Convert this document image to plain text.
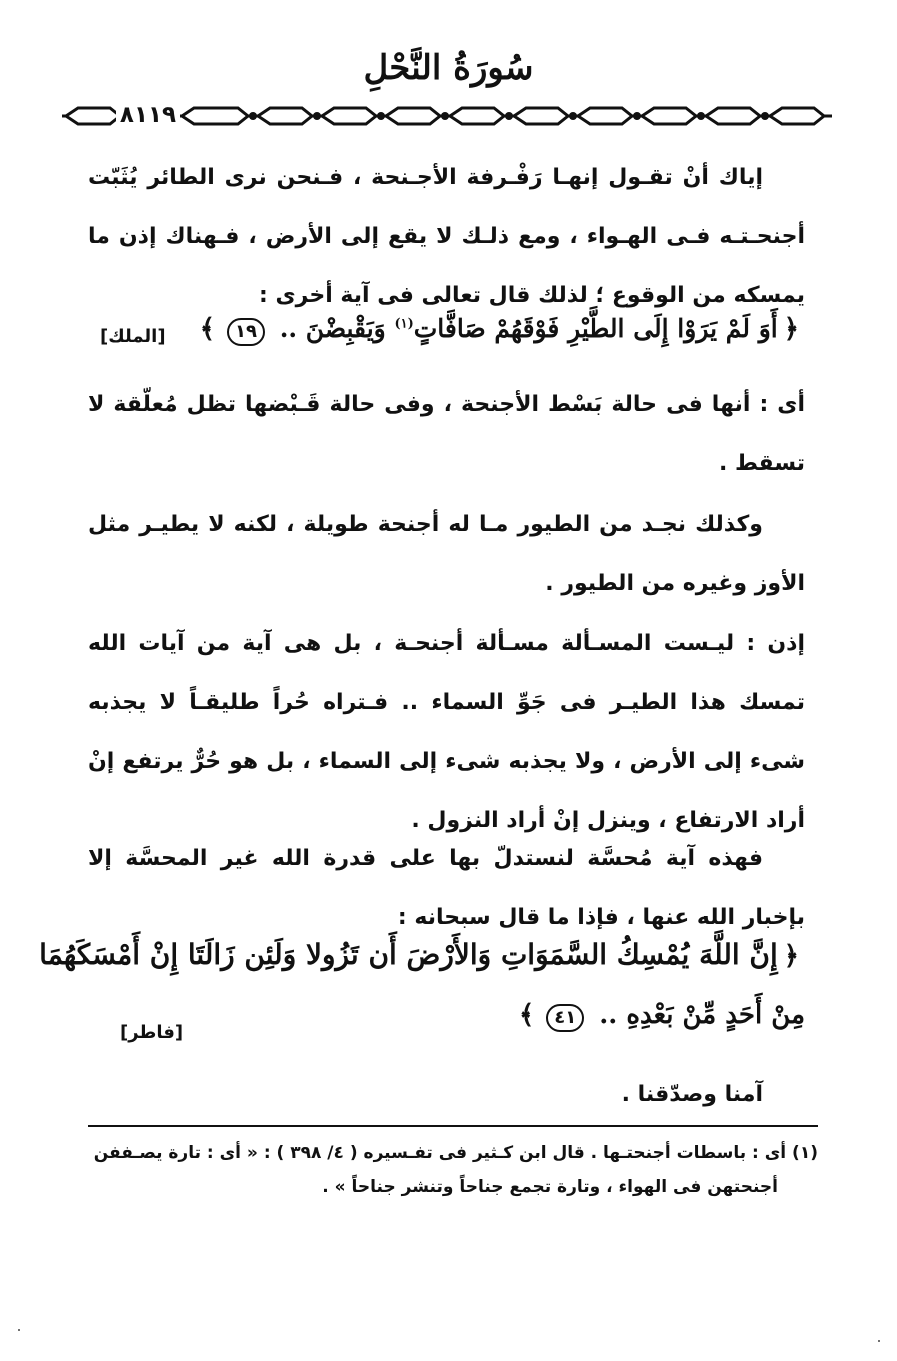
سُورَةُ النَّحْلِ
٨١١٩
إياك أنْ تقـول إنهـا رَفْـرفة الأجـنحة ، فـنحن نرى الطائر يُثَبّت أجنحـتـه فـى الهـواء ، ومع ذلـك لا يقع إلى الأرض ، فـهناك إذن ما يمسكه من الوقوع ؛ لذلك قال تعالى فى آية أخرى :
﴿أَوَ لَمْ يَرَوْا إِلَى الطَّيْرِ فَوْقَهُمْ صَافَّاتٍ$^{(١)}$ وَيَقْبِضْنَ .. ١٩﴾
[الملك]
أى : أنها فى حالة بَسْط الأجنحة ، وفى حالة قَـبْضها تظل مُعلّقة لا تسقط .
وكذلك نجـد من الطيور مـا له أجنحة طويلة ، لكنه لا يطيـر مثل الأوز وغيره من الطيور .
إذن : ليـست المسـألة مسـألة أجنحـة ، بل هى آية من آيات الله تمسك هذا الطيـر فى جَوِّ السماء .. فـتراه حُراً طليقـاً لا يجذبه شىء إلى الأرض ، ولا يجذبه شىء إلى السماء ، بل هو حُرٌّ يرتفع إنْ أراد الارتفاع ، وينزل إنْ أراد النزول .
فهذه آية مُحسَّة لنستدلّ بها على قدرة الله غير المحسَّة إلا بإخبار الله عنها ، فإذا ما قال سبحانه :
﴿إِنَّ اللَّهَ يُمْسِكُ السَّمَوَاتِ وَالأَرْضَ أَن تَزُولا وَلَئِن زَالَتَا إِنْ أَمْسَكَهُمَا
مِنْ أَحَدٍ مِّنْ بَعْدِهِ .. ٤١﴾
[فاطر]
آمنا وصدّقنا .
(١) أى : باسطات أجنحتـها . قال ابن كـثير فى تفـسيره ( ٤/ ٣٩٨ ) : « أى : تارة يصـففن
أجنحتهن فى الهواء ، وتارة تجمع جناحاً وتنشر جناحاً » .
